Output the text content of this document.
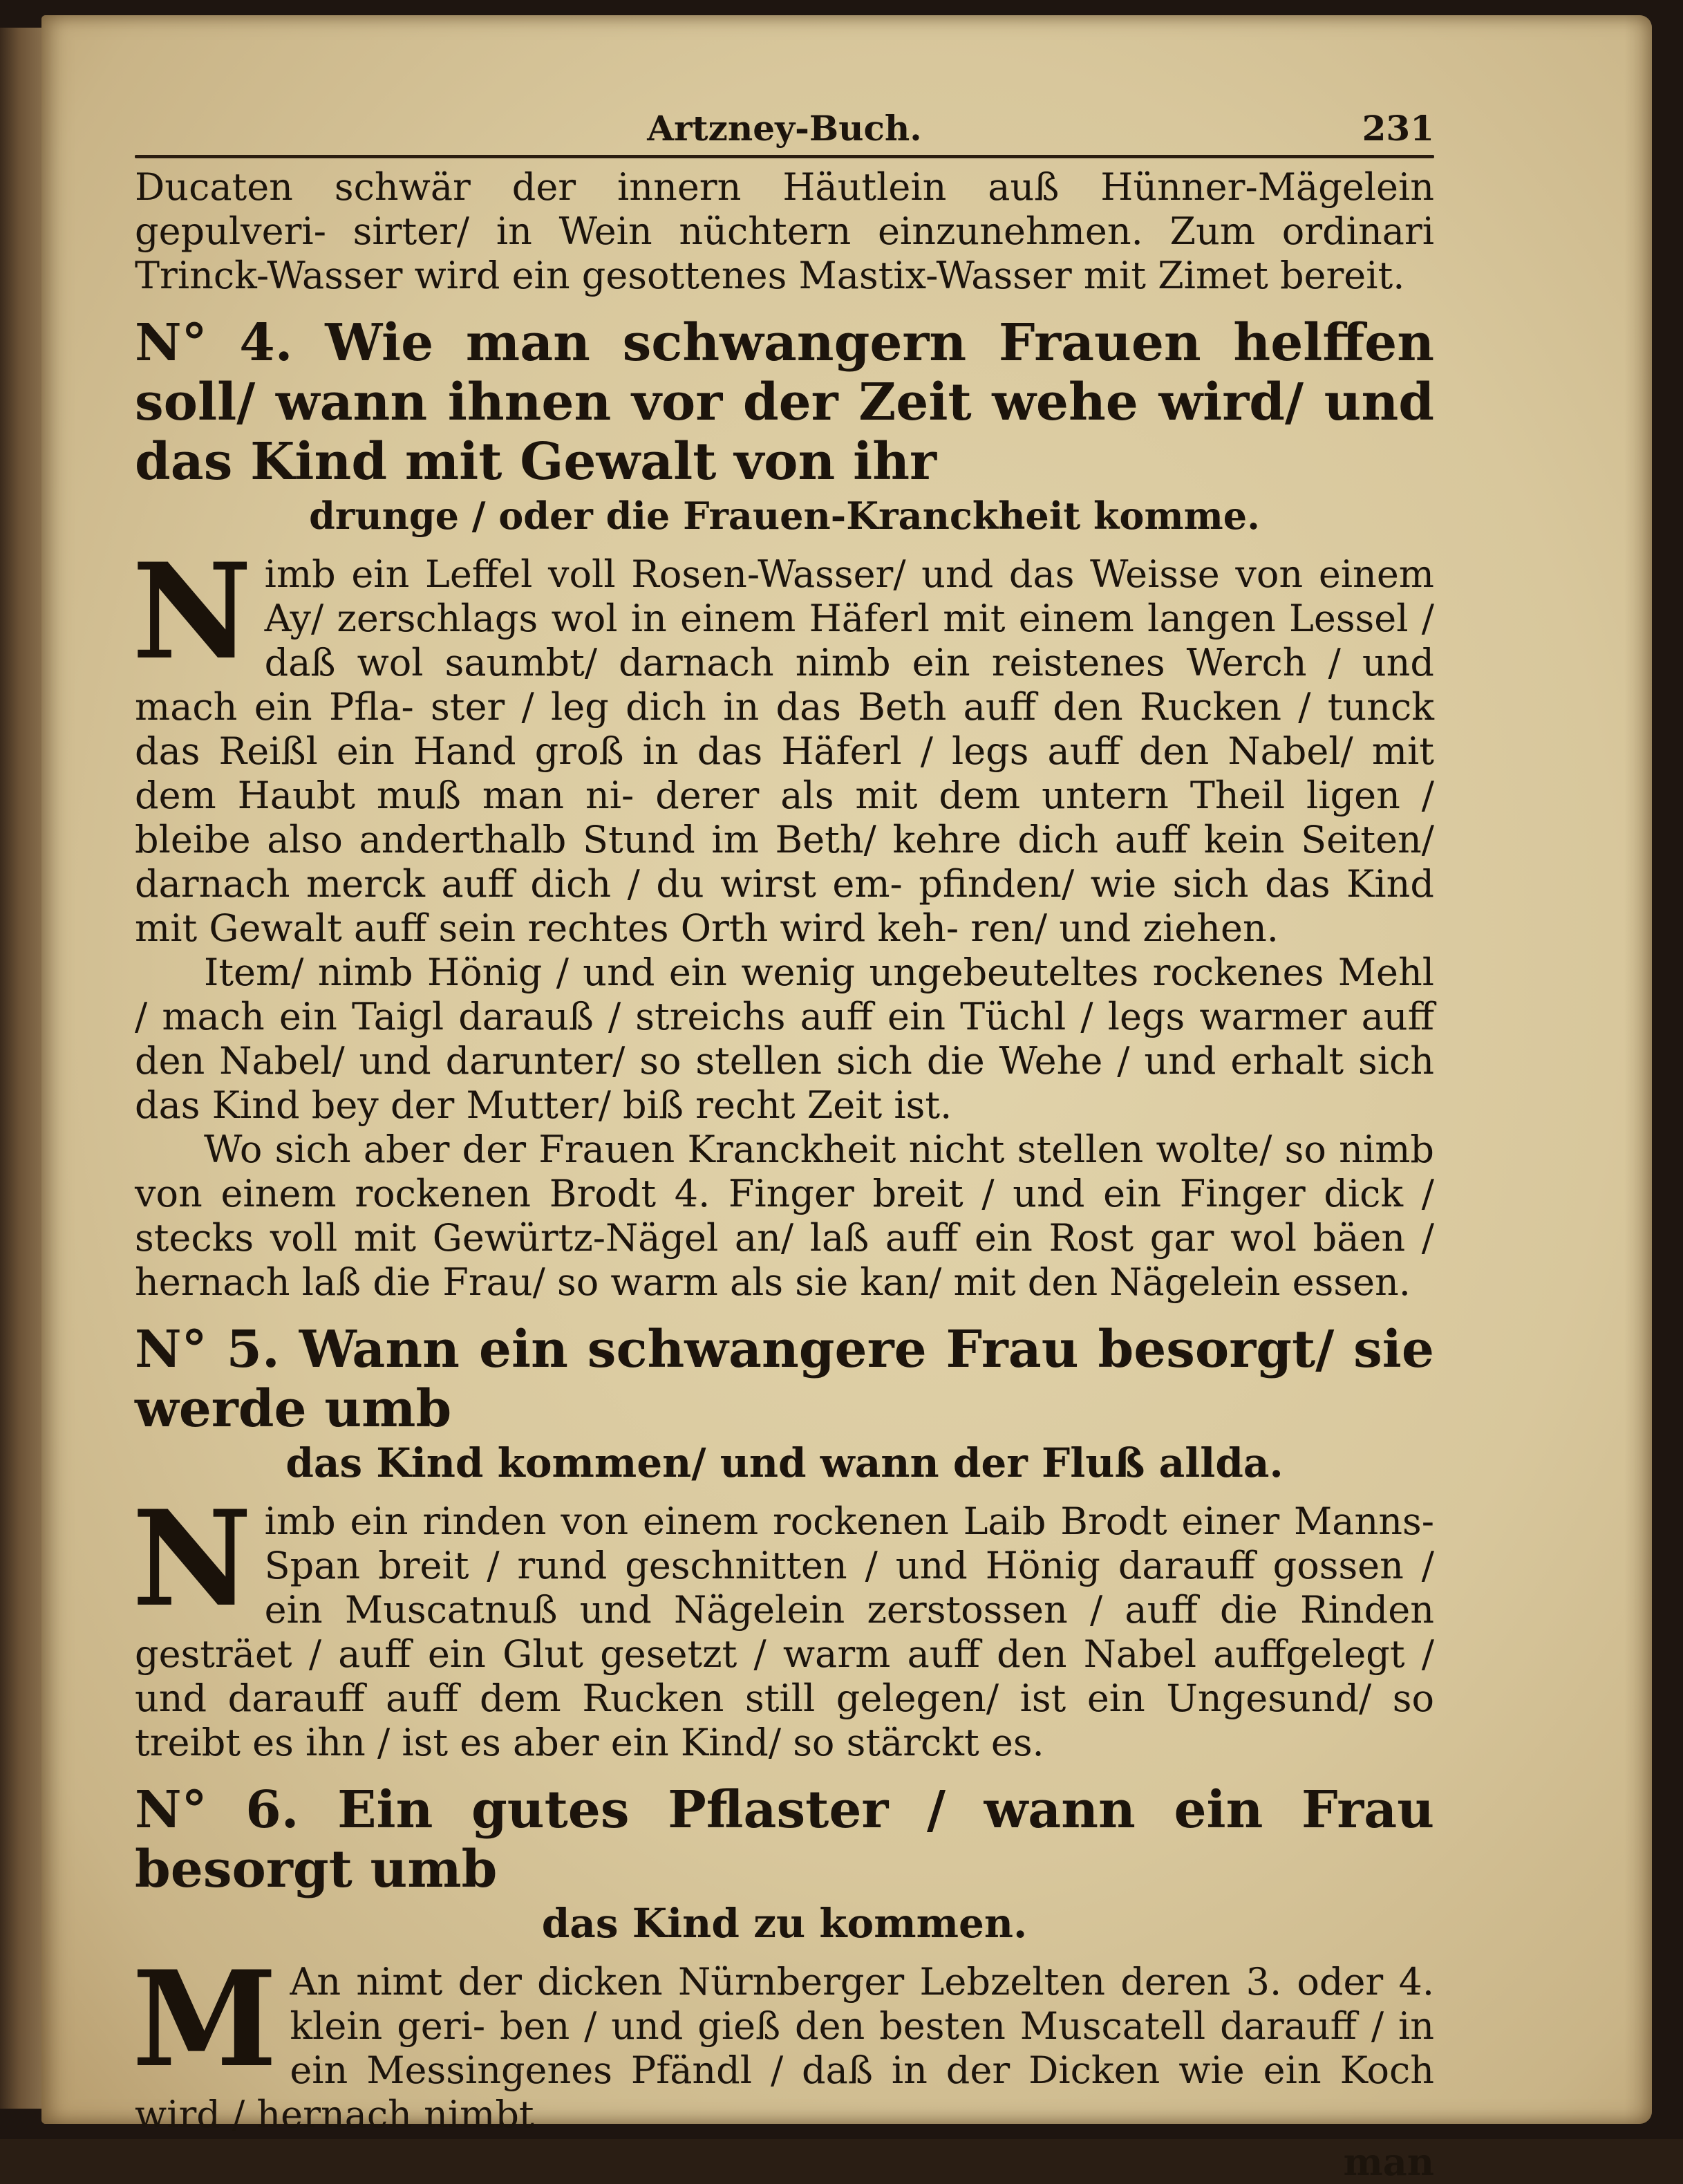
Artzney-Buch.	231

Ducaten schwär der innern Häutlein auß Hünner-Mägelein gepulveri- sirter/ in Wein nüchtern einzunehmen. Zum ordinari Trinck-Wasser wird ein gesottenes Mastix-Wasser mit Zimet bereit.

N° 4. Wie man schwangern Frauen helffen soll/ wann ihnen vor der Zeit wehe wird/ und das Kind mit Gewalt von ihr
drunge / oder die Frauen-Kranckheit komme.
N imb ein Leffel voll Rosen-Wasser/ und das Weisse von einem Ay/ zerschlags wol in einem Häferl mit einem langen Lessel / daß wol saumbt/ darnach nimb ein reistenes Werch / und mach ein Pfla- ster / leg dich in das Beth auff den Rucken / tunck das Reißl ein Hand groß in das Häferl / legs auff den Nabel/ mit dem Haubt muß man ni- derer als mit dem untern Theil ligen / bleibe also anderthalb Stund im Beth/ kehre dich auff kein Seiten/ darnach merck auff dich / du wirst em- pfinden/ wie sich das Kind mit Gewalt auff sein rechtes Orth wird keh- ren/ und ziehen.

Item/ nimb Hönig / und ein wenig ungebeuteltes rockenes Mehl / mach ein Taigl darauß / streichs auff ein Tüchl / legs warmer auff den Nabel/ und darunter/ so stellen sich die Wehe / und erhalt sich das Kind bey der Mutter/ biß recht Zeit ist.

Wo sich aber der Frauen Kranckheit nicht stellen wolte/ so nimb von einem rockenen Brodt 4. Finger breit / und ein Finger dick / stecks voll mit Gewürtz-Nägel an/ laß auff ein Rost gar wol bäen / hernach laß die Frau/ so warm als sie kan/ mit den Nägelein essen.

N° 5. Wann ein schwangere Frau besorgt/ sie werde umb
das Kind kommen/ und wann der Fluß allda.
N imb ein rinden von einem rockenen Laib Brodt einer Manns- Span breit / rund geschnitten / und Hönig darauff gossen / ein Muscatnuß und Nägelein zerstossen / auff die Rinden gesträet / auff ein Glut gesetzt / warm auff den Nabel auffgelegt / und darauff auff dem Rucken still gelegen/ ist ein Ungesund/ so treibt es ihn / ist es aber ein Kind/ so stärckt es.

N° 6. Ein gutes Pflaster / wann ein Frau besorgt umb
das Kind zu kommen.
M An nimt der dicken Nürnberger Lebzelten deren 3. oder 4. klein geri- ben / und gieß den besten Muscatell darauff / in ein Messingenes Pfändl / daß in der Dicken wie ein Koch wird / hernach nimbt

man
